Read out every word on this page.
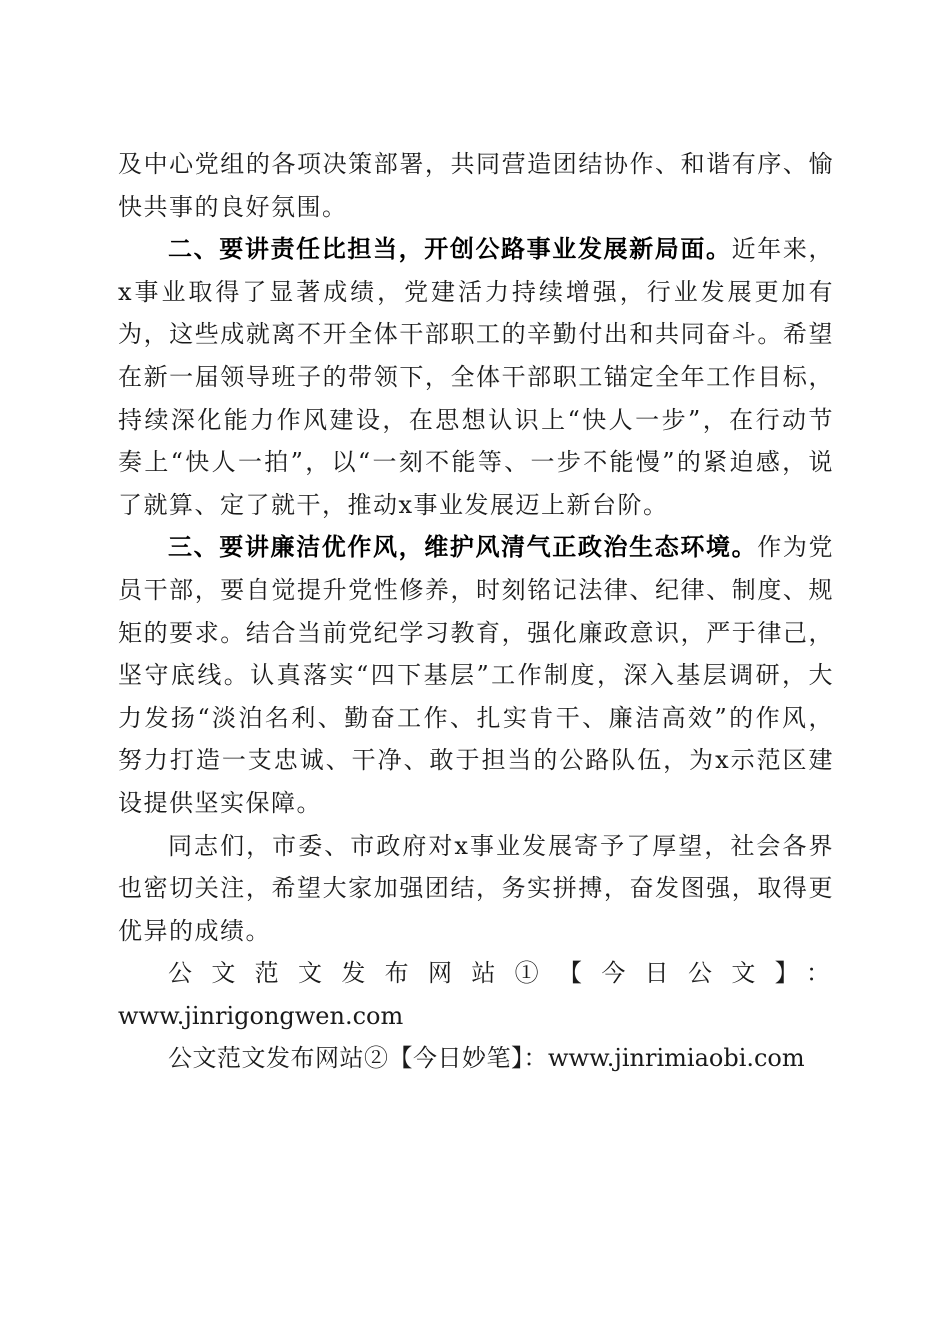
及中心党组的各项决策部署，共同营造团结协作、和谐有序、愉快共事的良好氛围。

二、要讲责任比担当，开创公路事业发展新局面。近年来，x事业取得了显著成绩，党建活力持续增强，行业发展更加有为，这些成就离不开全体干部职工的辛勤付出和共同奋斗。希望在新一届领导班子的带领下，全体干部职工锚定全年工作目标，持续深化能力作风建设，在思想认识上“快人一步”，在行动节奏上“快人一拍”，以“一刻不能等、一步不能慢”的紧迫感，说了就算、定了就干，推动x事业发展迈上新台阶。

三、要讲廉洁优作风，维护风清气正政治生态环境。作为党员干部，要自觉提升党性修养，时刻铭记法律、纪律、制度、规矩的要求。结合当前党纪学习教育，强化廉政意识，严于律己，坚守底线。认真落实“四下基层”工作制度，深入基层调研，大力发扬“淡泊名利、勤奋工作、扎实肯干、廉洁高效”的作风，努力打造一支忠诚、干净、敢于担当的公路队伍，为x示范区建设提供坚实保障。

同志们，市委、市政府对x事业发展寄予了厚望，社会各界也密切关注，希望大家加强团结，务实拼搏，奋发图强，取得更优异的成绩。

公文范文发布网站①【今日公文】：

www.jinrigongwen.com

公文范文发布网站②【今日妙笔】：www.jinrimiaobi.com
